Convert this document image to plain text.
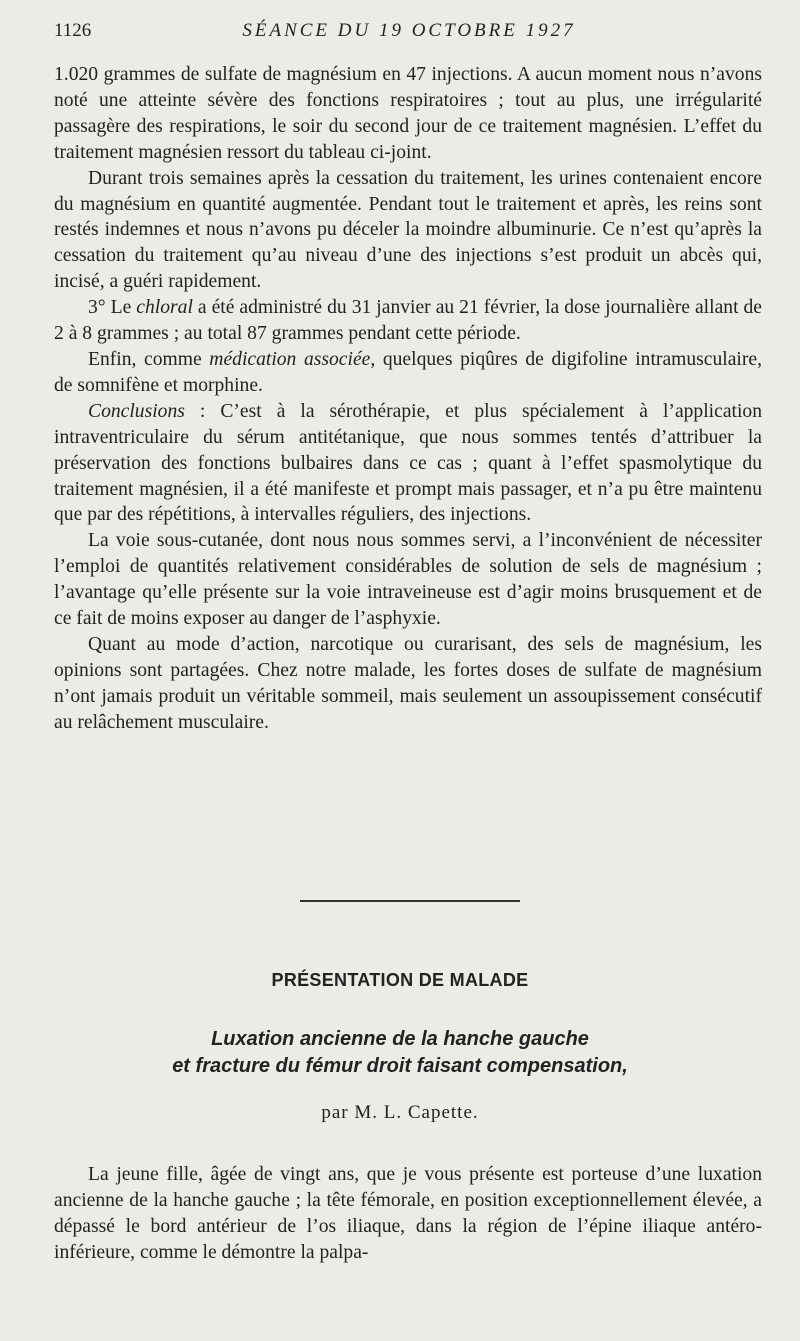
1126	SÉANCE DU 19 OCTOBRE 1927

1.020 grammes de sulfate de magnésium en 47 injections. A aucun moment nous n’avons noté une atteinte sévère des fonctions respiratoires ; tout au plus, une irrégularité passagère des respirations, le soir du second jour de ce traitement magnésien. L’effet du traitement magnésien ressort du tableau ci-joint.

Durant trois semaines après la cessation du traitement, les urines contenaient encore du magnésium en quantité augmentée. Pendant tout le traitement et après, les reins sont restés indemnes et nous n’avons pu déceler la moindre albuminurie. Ce n’est qu’après la cessation du traitement qu’au niveau d’une des injections s’est produit un abcès qui, incisé, a guéri rapidement.

3° Le chloral a été administré du 31 janvier au 21 février, la dose journalière allant de 2 à 8 grammes ; au total 87 grammes pendant cette période.

Enfin, comme médication associée, quelques piqûres de digifoline intramusculaire, de somnifène et morphine.

Conclusions : C’est à la sérothérapie, et plus spécialement à l’application intraventriculaire du sérum antitétanique, que nous sommes tentés d’attribuer la préservation des fonctions bulbaires dans ce cas ; quant à l’effet spasmolytique du traitement magnésien, il a été manifeste et prompt mais passager, et n’a pu être maintenu que par des répétitions, à intervalles réguliers, des injections.

La voie sous-cutanée, dont nous nous sommes servi, a l’inconvénient de nécessiter l’emploi de quantités relativement considérables de solution de sels de magnésium ; l’avantage qu’elle présente sur la voie intraveineuse est d’agir moins brusquement et de ce fait de moins exposer au danger de l’asphyxie.

Quant au mode d’action, narcotique ou curarisant, des sels de magnésium, les opinions sont partagées. Chez notre malade, les fortes doses de sulfate de magnésium n’ont jamais produit un véritable sommeil, mais seulement un assoupissement consécutif au relâchement musculaire.

PRÉSENTATION DE MALADE
Luxation ancienne de la hanche gauche
et fracture du fémur droit faisant compensation,
par M. L. Capette.

La jeune fille, âgée de vingt ans, que je vous présente est porteuse d’une luxation ancienne de la hanche gauche ; la tête fémorale, en position exceptionnellement élevée, a dépassé le bord antérieur de l’os iliaque, dans la région de l’épine iliaque antéro-inférieure, comme le démontre la palpa-
